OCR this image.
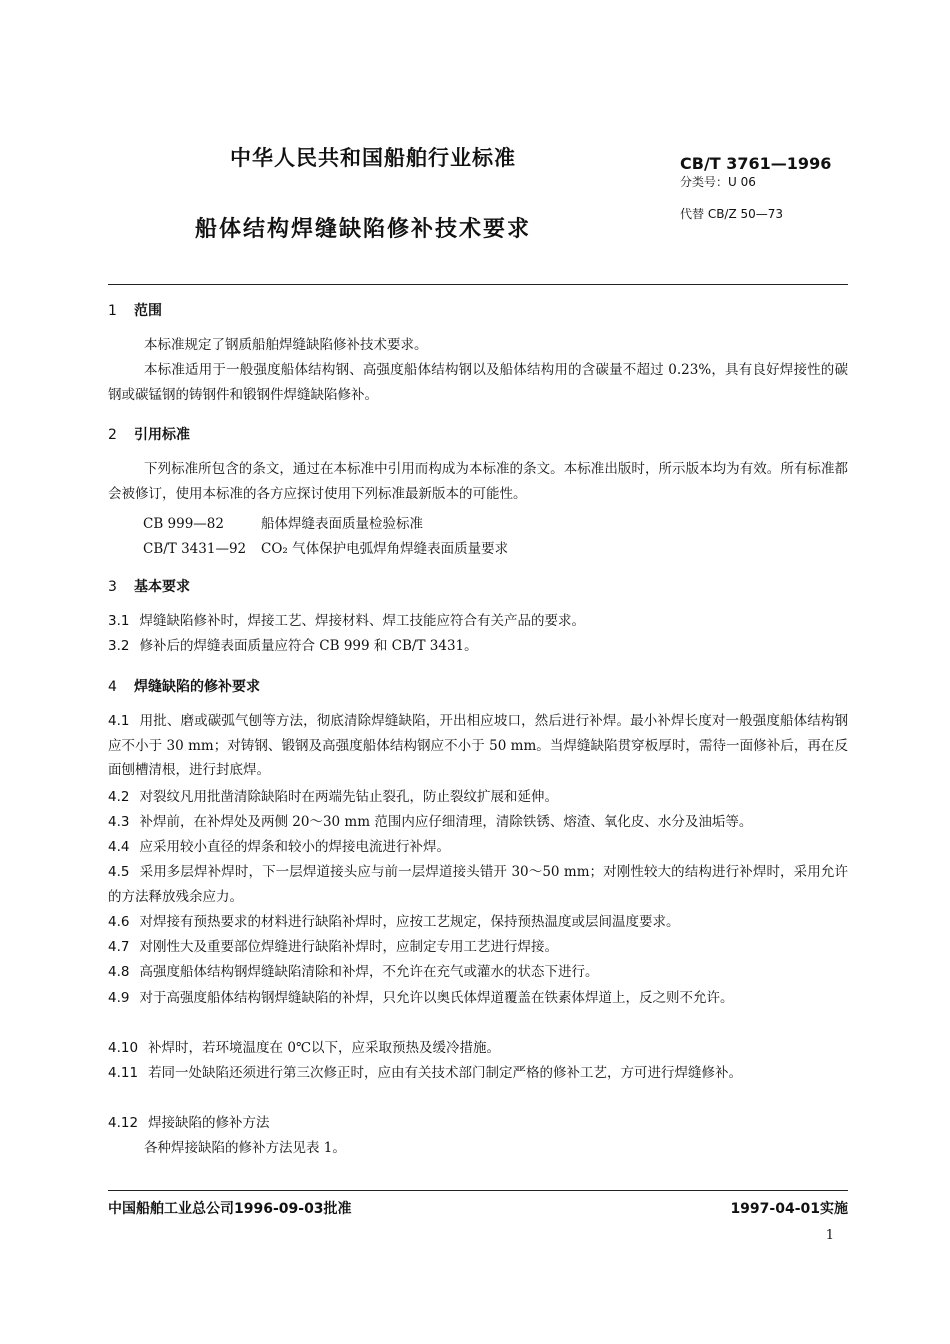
中华人民共和国船舶行业标准
船体结构焊缝缺陷修补技术要求
CB/T 3761—1996
分类号：U 06
代替 CB/Z 50—73
1 范围
本标准规定了钢质船舶焊缝缺陷修补技术要求。
本标准适用于一般强度船体结构钢、高强度船体结构钢以及船体结构用的含碳量不超过 0.23%，具有良好焊接性的碳钢或碳锰钢的铸钢件和锻钢件焊缝缺陷修补。
2 引用标准
下列标准所包含的条文，通过在本标准中引用而构成为本标准的条文。本标准出版时，所示版本均为有效。所有标准都会被修订，使用本标准的各方应探讨使用下列标准最新版本的可能性。
CB 999—82	船体焊缝表面质量检验标准
CB/T 3431—92 CO₂ 气体保护电弧焊角焊缝表面质量要求
3 基本要求
3.1 焊缝缺陷修补时，焊接工艺、焊接材料、焊工技能应符合有关产品的要求。
3.2 修补后的焊缝表面质量应符合 CB 999 和 CB/T 3431。
4 焊缝缺陷的修补要求
4.1 用批、磨或碳弧气刨等方法，彻底清除焊缝缺陷，开出相应坡口，然后进行补焊。最小补焊长度对一般强度船体结构钢应不小于 30 mm；对铸钢、锻钢及高强度船体结构钢应不小于 50 mm。当焊缝缺陷贯穿板厚时，需待一面修补后，再在反面刨槽清根，进行封底焊。
4.2 对裂纹凡用批凿清除缺陷时在两端先钻止裂孔，防止裂纹扩展和延伸。
4.3 补焊前，在补焊处及两侧 20～30 mm 范围内应仔细清理，清除铁锈、熔渣、氧化皮、水分及油垢等。
4.4 应采用较小直径的焊条和较小的焊接电流进行补焊。
4.5 采用多层焊补焊时，下一层焊道接头应与前一层焊道接头错开 30～50 mm；对刚性较大的结构进行补焊时，采用允许的方法释放残余应力。
4.6 对焊接有预热要求的材料进行缺陷补焊时，应按工艺规定，保持预热温度或层间温度要求。
4.7 对刚性大及重要部位焊缝进行缺陷补焊时，应制定专用工艺进行焊接。
4.8 高强度船体结构钢焊缝缺陷清除和补焊，不允许在充气或灌水的状态下进行。
4.9 对于高强度船体结构钢焊缝缺陷的补焊，只允许以奥氏体焊道覆盖在铁素体焊道上，反之则不允许。
4.10 补焊时，若环境温度在 0℃以下，应采取预热及缓冷措施。
4.11 若同一处缺陷还须进行第三次修正时，应由有关技术部门制定严格的修补工艺，方可进行焊缝修补。
4.12 焊接缺陷的修补方法
各种焊接缺陷的修补方法见表 1。
中国船舶工业总公司1996-09-03批准	1997-04-01实施
1
